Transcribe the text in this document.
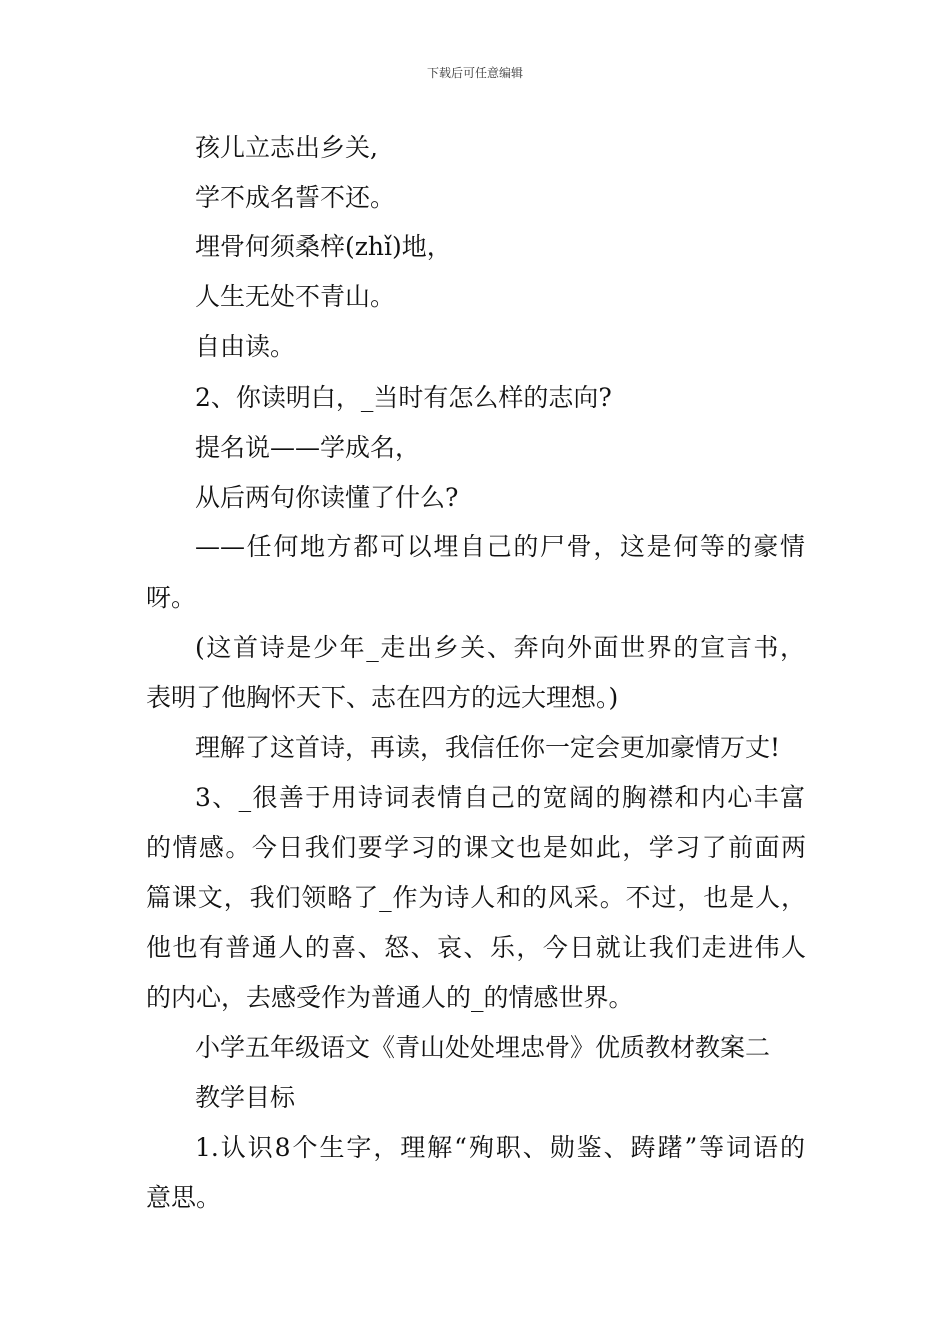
下载后可任意编辑
孩儿立志出乡关,
学不成名誓不还。
埋骨何须桑梓(zhǐ)地，
人生无处不青山。
自由读。
2、你读明白，_当时有怎么样的志向?
提名说——学成名，
从后两句你读懂了什么?
——任何地方都可以埋自己的尸骨，这是何等的豪情
呀。
(这首诗是少年_走出乡关、奔向外面世界的宣言书，
表明了他胸怀天下、志在四方的远大理想。)
理解了这首诗，再读，我信任你一定会更加豪情万丈!
3、_很善于用诗词表情自己的宽阔的胸襟和内心丰富
的情感。今日我们要学习的课文也是如此，学习了前面两
篇课文，我们领略了_作为诗人和的风采。不过，也是人，
他也有普通人的喜、怒、哀、乐，今日就让我们走进伟人
的内心，去感受作为普通人的_的情感世界。
小学五年级语文《青山处处埋忠骨》优质教材教案二
教学目标
1.认识8个生字，理解“殉职、勋鉴、踌躇”等词语的
意思。
